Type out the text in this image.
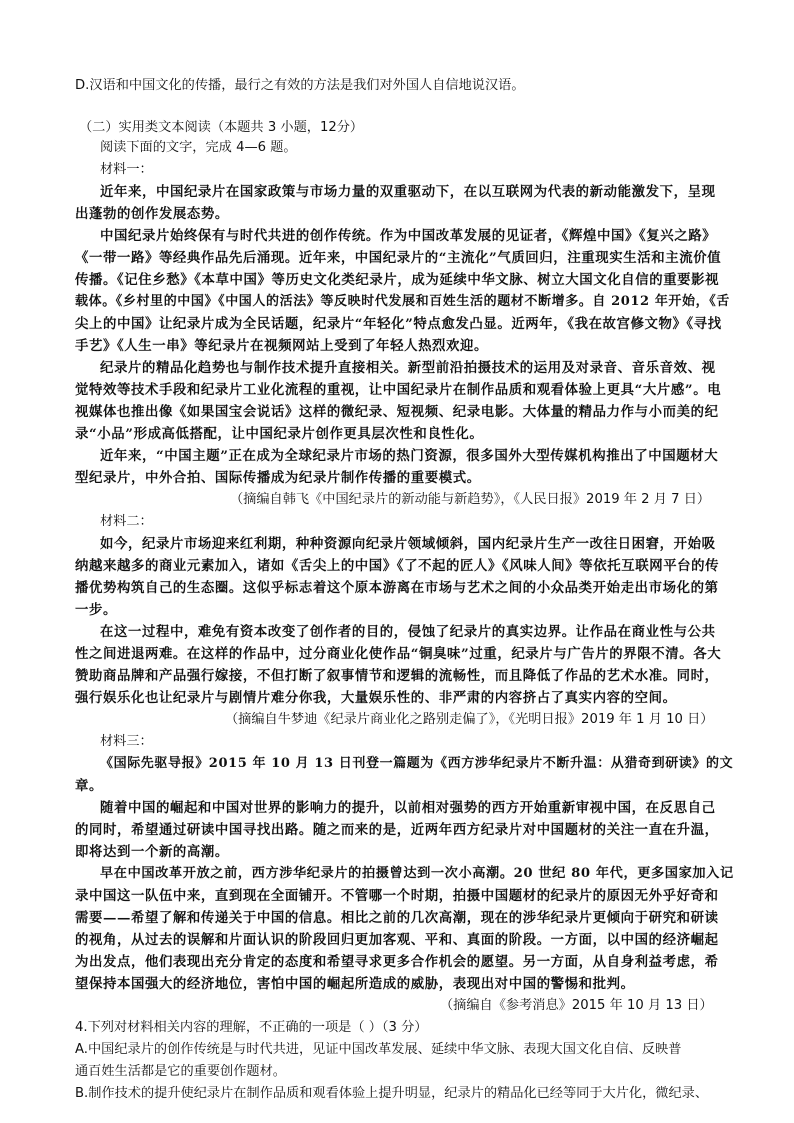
D.汉语和中国文化的传播，最行之有效的方法是我们对外国人自信地说汉语。
（二）实用类文本阅读（本题共 3 小题，12分）
阅读下面的文字，完成 4—6 题。
材料一：
近年来，中国纪录片在国家政策与市场力量的双重驱动下，在以互联网为代表的新动能激发下，呈现
出蓬勃的创作发展态势。
中国纪录片始终保有与时代共进的创作传统。作为中国改革发展的见证者，《辉煌中国》《复兴之路》
《一带一路》等经典作品先后涌现。近年来，中国纪录片的“主流化”气质回归，注重现实生活和主流价值
传播。《记住乡愁》《本草中国》等历史文化类纪录片，成为延续中华文脉、树立大国文化自信的重要影视
载体。《乡村里的中国》《中国人的活法》等反映时代发展和百姓生活的题材不断增多。自 2012 年开始，《舌
尖上的中国》让纪录片成为全民话题，纪录片“年轻化”特点愈发凸显。近两年，《我在故宫修文物》《寻找
手艺》《人生一串》等纪录片在视频网站上受到了年轻人热烈欢迎。
纪录片的精品化趋势也与制作技术提升直接相关。新型前沿拍摄技术的运用及对录音、音乐音效、视
觉特效等技术手段和纪录片工业化流程的重视，让中国纪录片在制作品质和观看体验上更具“大片感”。电
视媒体也推出像《如果国宝会说话》这样的微纪录、短视频、纪录电影。大体量的精品力作与小而美的纪
录“小品”形成高低搭配，让中国纪录片创作更具层次性和良性化。
近年来，“中国主题”正在成为全球纪录片市场的热门资源，很多国外大型传媒机构推出了中国题材大
型纪录片，中外合拍、国际传播成为纪录片制作传播的重要模式。
（摘编自韩飞《中国纪录片的新动能与新趋势》，《人民日报》2019 年 2 月 7 日）
材料二：
如今，纪录片市场迎来红利期，种种资源向纪录片领域倾斜，国内纪录片生产一改往日困窘，开始吸
纳越来越多的商业元素加入，诸如《舌尖上的中国》《了不起的匠人》《风味人间》等依托互联网平台的传
播优势构筑自己的生态圈。这似乎标志着这个原本游离在市场与艺术之间的小众品类开始走出市场化的第
一步。
在这一过程中，难免有资本改变了创作者的目的，侵蚀了纪录片的真实边界。让作品在商业性与公共
性之间进退两难。在这样的作品中，过分商业化使作品“铜臭味”过重，纪录片与广告片的界限不清。各大
赞助商品牌和产品强行嫁接，不但打断了叙事情节和逻辑的流畅性，而且降低了作品的艺术水准。同时，
强行娱乐化也让纪录片与剧情片难分你我，大量娱乐性的、非严肃的内容挤占了真实内容的空间。
（摘编自牛梦迪《纪录片商业化之路别走偏了》，《光明日报》2019 年 1 月 10 日）
材料三：
《国际先驱导报》2015 年 10 月 13 日刊登一篇题为《西方涉华纪录片不断升温：从猎奇到研读》的文
章。
随着中国的崛起和中国对世界的影响力的提升，以前相对强势的西方开始重新审视中国，在反思自己
的同时，希望通过研读中国寻找出路。随之而来的是，近两年西方纪录片对中国题材的关注一直在升温，
即将达到一个新的高潮。
早在中国改革开放之前，西方涉华纪录片的拍摄曾达到一次小高潮。20 世纪 80 年代，更多国家加入记
录中国这一队伍中来，直到现在全面铺开。不管哪一个时期，拍摄中国题材的纪录片的原因无外乎好奇和
需要——希望了解和传递关于中国的信息。相比之前的几次高潮，现在的涉华纪录片更倾向于研究和研读
的视角，从过去的误解和片面认识的阶段回归更加客观、平和、真面的阶段。一方面，以中国的经济崛起
为出发点，他们表现出充分肯定的态度和希望寻求更多合作机会的愿望。另一方面，从自身利益考虑，希
望保持本国强大的经济地位，害怕中国的崛起所造成的威胁，表现出对中国的警惕和批判。
（摘编自《参考消息》2015 年 10 月 13 日）
4.下列对材料相关内容的理解，不正确的一项是（ ）（3 分）
A.中国纪录片的创作传统是与时代共进，见证中国改革发展、延续中华文脉、表现大国文化自信、反映普
通百姓生活都是它的重要创作题材。
B.制作技术的提升使纪录片在制作品质和观看体验上提升明显，纪录片的精品化已经等同于大片化，微纪录、
